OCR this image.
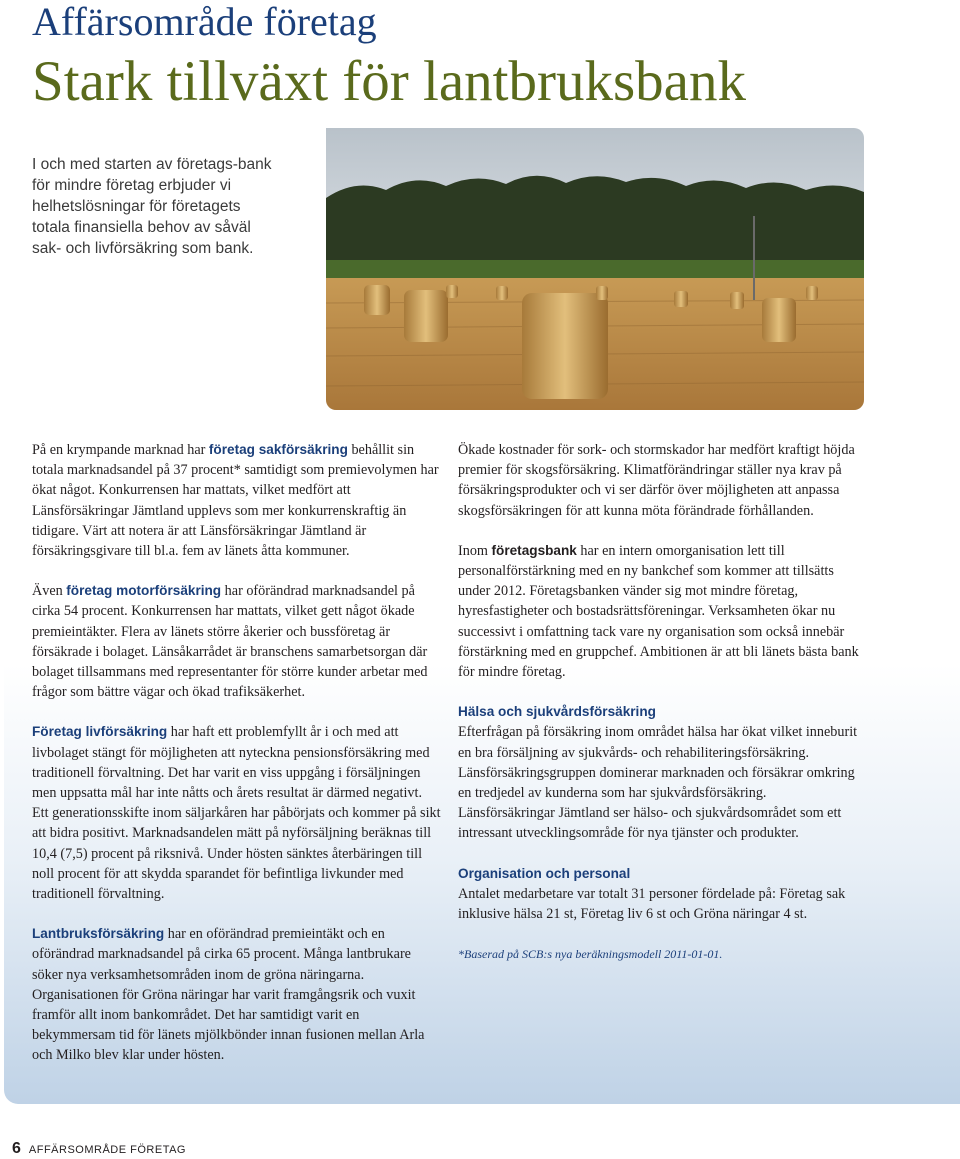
Affärsområde företag
Stark tillväxt för lantbruksbank
I och med starten av företags-bank för mindre företag erbjuder vi helhetslösningar för företagets totala finansiella behov av såväl sak- och livförsäkring som bank.

På en krympande marknad har företag sakförsäkring behållit sin totala marknadsandel på 37 procent* samtidigt som premievolymen har ökat något. Konkurrensen har mattats, vilket medfört att Länsförsäkringar Jämtland upplevs som mer konkurrenskraftig än tidigare. Värt att notera är att Länsförsäkringar Jämtland är försäkringsgivare till bl.a. fem av länets åtta kommuner.

Även företag motorförsäkring har oförändrad marknadsandel på cirka 54 procent. Konkurrensen har mattats, vilket gett något ökade premieintäkter. Flera av länets större åkerier och bussföretag är försäkrade i bolaget. Länsåkarrådet är branschens samarbetsorgan där bolaget tillsammans med representanter för större kunder arbetar med frågor som bättre vägar och ökad trafiksäkerhet.

Företag livförsäkring har haft ett problemfyllt år i och med att livbolaget stängt för möjligheten att nyteckna pensionsförsäkring med traditionell förvaltning. Det har varit en viss uppgång i försäljningen men uppsatta mål har inte nåtts och årets resultat är därmed negativt. Ett generationsskifte inom säljarkåren har påbörjats och kommer på sikt att bidra positivt. Marknadsandelen mätt på nyförsäljning beräknas till 10,4 (7,5) procent på riksnivå. Under hösten sänktes återbäringen till noll procent för att skydda sparandet för befintliga livkunder med traditionell förvaltning.

Lantbruksförsäkring har en oförändrad premieintäkt och en oförändrad marknadsandel på cirka 65 procent. Många lantbrukare söker nya verksamhetsområden inom de gröna näringarna. Organisationen för Gröna näringar har varit framgångsrik och vuxit framför allt inom bankområdet. Det har samtidigt varit en bekymmersam tid för länets mjölkbönder innan fusionen mellan Arla och Milko blev klar under hösten.

Ökade kostnader för sork- och stormskador har medfört kraftigt höjda premier för skogsförsäkring. Klimatförändringar ställer nya krav på försäkringsprodukter och vi ser därför över möjligheten att anpassa skogsförsäkringen för att kunna möta förändrade förhållanden.

Inom företagsbank har en intern omorganisation lett till personalförstärkning med en ny bankchef som kommer att tillsätts under 2012. Företagsbanken vänder sig mot mindre företag, hyresfastigheter och bostadsrättsföreningar. Verksamheten ökar nu successivt i omfattning tack vare ny organisation som också innebär förstärkning med en gruppchef. Ambitionen är att bli länets bästa bank för mindre företag.

Hälsa och sjukvårdsförsäkring
Efterfrågan på försäkring inom området hälsa har ökat vilket inneburit en bra försäljning av sjukvårds- och rehabiliteringsförsäkring. Länsförsäkringsgruppen dominerar marknaden och försäkrar omkring en tredjedel av kunderna som har sjukvårdsförsäkring. Länsförsäkringar Jämtland ser hälso- och sjukvårdsområdet som ett intressant utvecklingsområde för nya tjänster och produkter.

Organisation och personal
Antalet medarbetare var totalt 31 personer fördelade på: Företag sak inklusive hälsa 21 st, Företag liv 6 st och Gröna näringar 4 st.

*Baserad på SCB:s nya beräkningsmodell 2011-01-01.
6 AFFÄRSOMRÅDE FÖRETAG
